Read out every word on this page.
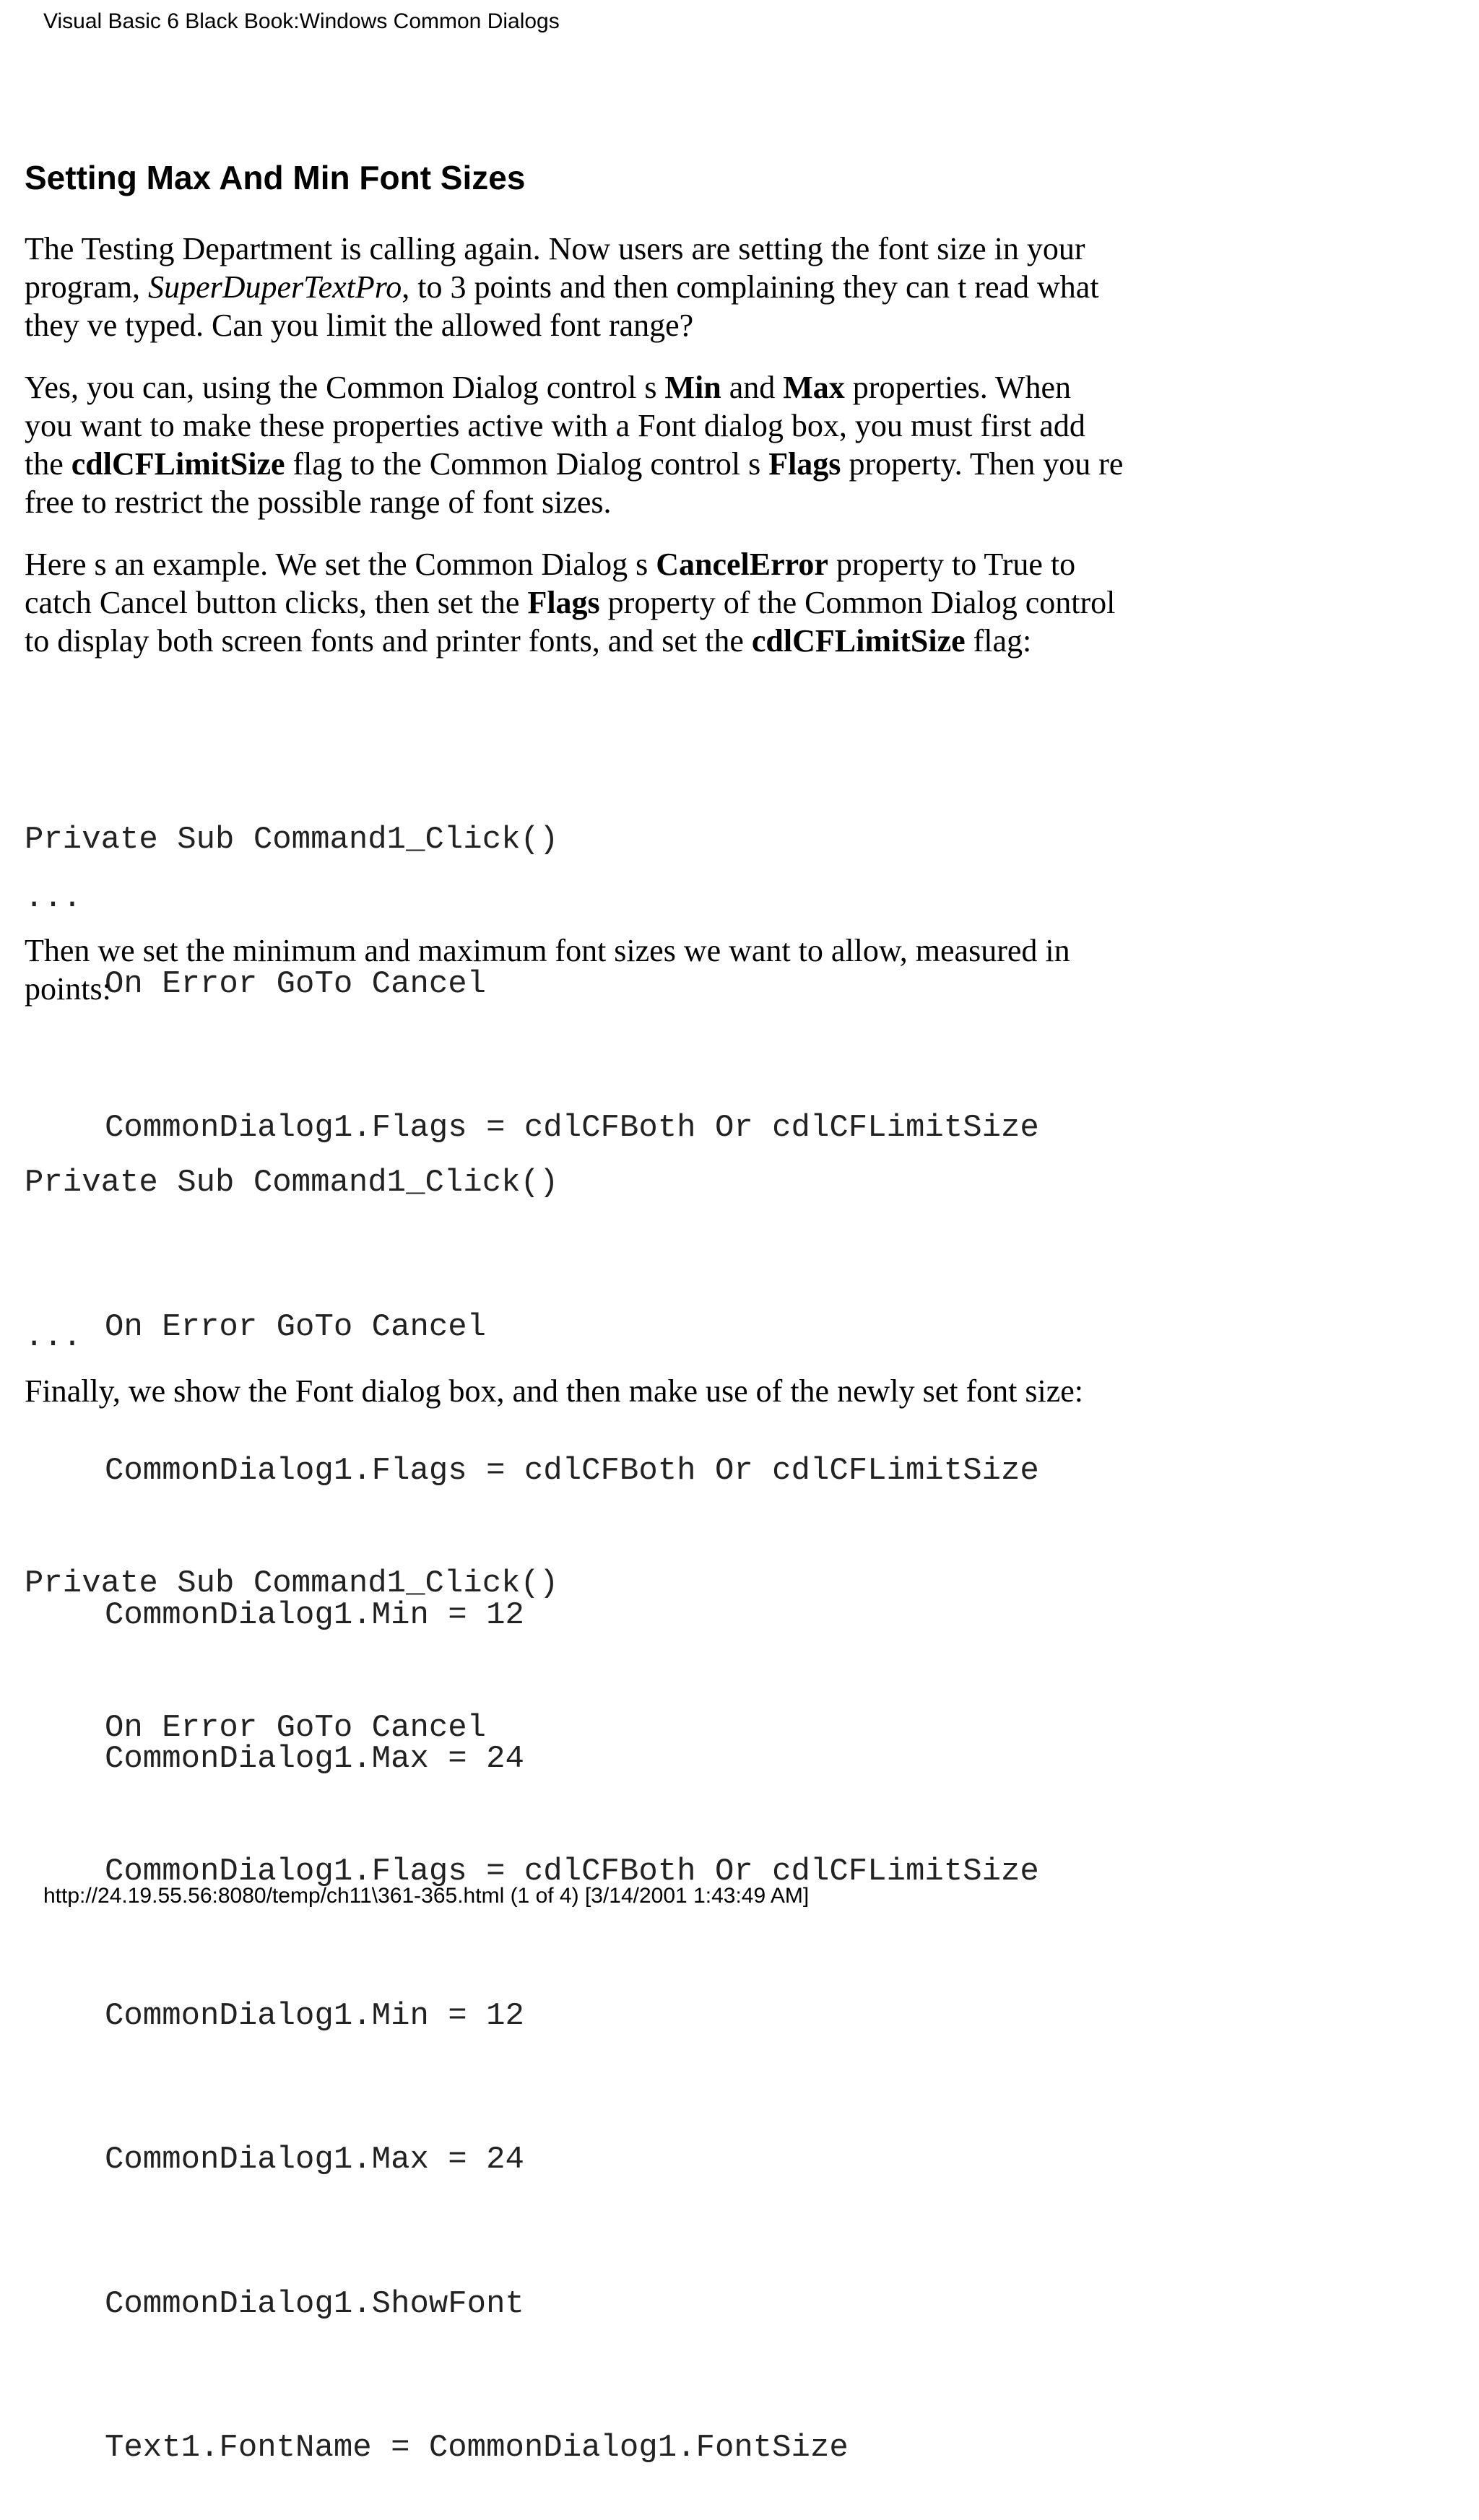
Visual Basic 6 Black Book:Windows Common Dialogs
Setting Max And Min Font Sizes

The Testing Department is calling again. Now users are setting the font size in your
program, SuperDuperTextPro, to 3 points and then complaining they can t read what
they ve typed. Can you limit the allowed font range?

Yes, you can, using the Common Dialog control s Min and Max properties. When
you want to make these properties active with a Font dialog box, you must first add
the cdlCFLimitSize flag to the Common Dialog control s Flags property. Then you re
free to restrict the possible range of font sizes.

Here s an example. We set the Common Dialog s CancelError property to True to
catch Cancel button clicks, then set the Flags property of the Common Dialog control
to display both screen fonts and printer fonts, and set the cdlCFLimitSize flag:

Private Sub Command1_Click()

On Error GoTo Cancel

CommonDialog1.Flags = cdlCFBoth Or cdlCFLimitSize

...

Then we set the minimum and maximum font sizes we want to allow, measured in
points:

Private Sub Command1_Click()

On Error GoTo Cancel

CommonDialog1.Flags = cdlCFBoth Or cdlCFLimitSize

CommonDialog1.Min = 12

CommonDialog1.Max = 24

...

Finally, we show the Font dialog box, and then make use of the newly set font size:

Private Sub Command1_Click()

On Error GoTo Cancel

CommonDialog1.Flags = cdlCFBoth Or cdlCFLimitSize

CommonDialog1.Min = 12

CommonDialog1.Max = 24

CommonDialog1.ShowFont

Text1.FontName = CommonDialog1.FontSize

http://24.19.55.56:8080/temp/ch11\361-365.html (1 of 4) [3/14/2001 1:43:49 AM]
